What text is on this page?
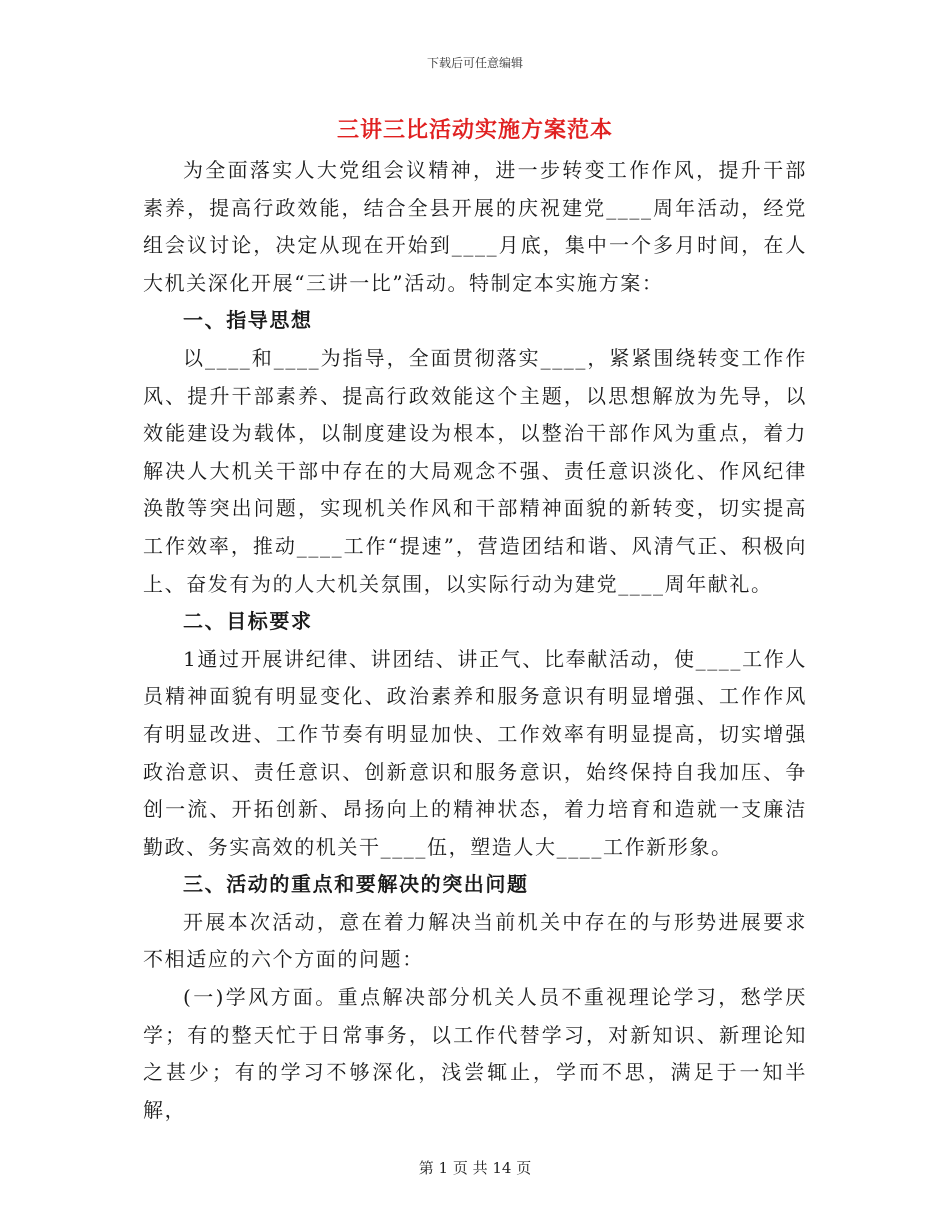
下载后可任意编辑
三讲三比活动实施方案范本

为全面落实人大党组会议精神，进一步转变工作作风，提升干部素养，提高行政效能，结合全县开展的庆祝建党____周年活动，经党组会议讨论，决定从现在开始到____月底，集中一个多月时间，在人大机关深化开展“三讲一比”活动。特制定本实施方案：

一、指导思想

以____和____为指导，全面贯彻落实____，紧紧围绕转变工作作风、提升干部素养、提高行政效能这个主题，以思想解放为先导，以效能建设为载体，以制度建设为根本，以整治干部作风为重点，着力解决人大机关干部中存在的大局观念不强、责任意识淡化、作风纪律涣散等突出问题，实现机关作风和干部精神面貌的新转变，切实提高工作效率，推动____工作“提速”，营造团结和谐、风清气正、积极向上、奋发有为的人大机关氛围，以实际行动为建党____周年献礼。

二、目标要求

1通过开展讲纪律、讲团结、讲正气、比奉献活动，使____工作人员精神面貌有明显变化、政治素养和服务意识有明显增强、工作作风有明显改进、工作节奏有明显加快、工作效率有明显提高，切实增强政治意识、责任意识、创新意识和服务意识，始终保持自我加压、争创一流、开拓创新、昂扬向上的精神状态，着力培育和造就一支廉洁勤政、务实高效的机关干____伍，塑造人大____工作新形象。

三、活动的重点和要解决的突出问题

开展本次活动，意在着力解决当前机关中存在的与形势进展要求不相适应的六个方面的问题：

(一)学风方面。重点解决部分机关人员不重视理论学习，愁学厌学；有的整天忙于日常事务，以工作代替学习，对新知识、新理论知之甚少；有的学习不够深化，浅尝辄止，学而不思，满足于一知半解，

第 1 页 共 14 页
